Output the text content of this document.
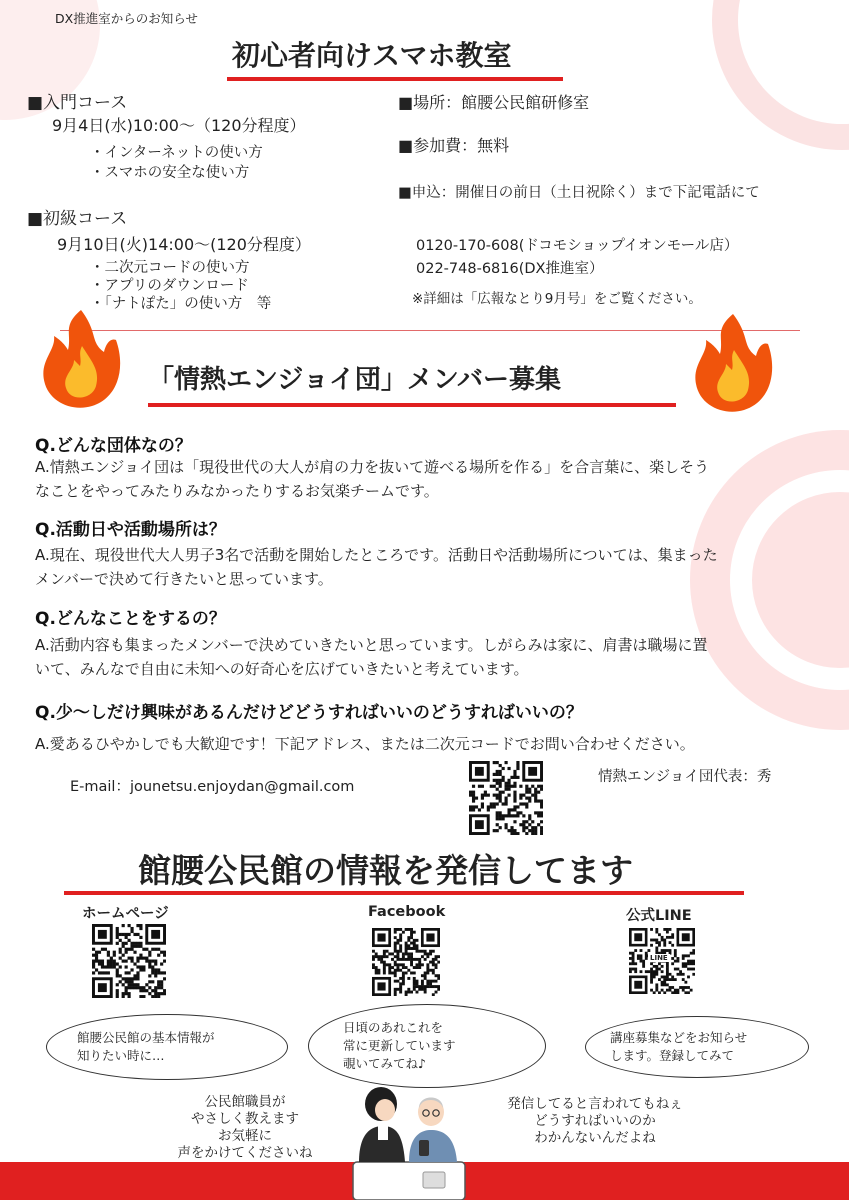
DX推進室からのお知らせ
初心者向けスマホ教室
■入門コース
9月4日(水)10:00～（120分程度）
・インターネットの使い方
・スマホの安全な使い方
■初級コース
9月10日(火)14:00～(120分程度）
・二次元コードの使い方
・アプリのダウンロード
・「ナトぽた」の使い方　等
■場所：館腰公民館研修室
■参加費：無料
■申込：開催日の前日（土日祝除く）まで下記電話にて
0120-170-608(ドコモショップイオンモール店）
022-748-6816(DX推進室）
※詳細は「広報なとり9月号」をご覧ください。
「情熱エンジョイ団」メンバー募集
Q.どんな団体なの？
A.情熱エンジョイ団は「現役世代の大人が肩の力を抜いて遊べる場所を作る」を合言葉に、楽しそう
なことをやってみたりみなかったりするお気楽チームです。
Q.活動日や活動場所は？
A.現在、現役世代大人男子3名で活動を開始したところです。活動日や活動場所については、集まった
メンバーで決めて行きたいと思っています。
Q.どんなことをするの？
A.活動内容も集まったメンバーで決めていきたいと思っています。しがらみは家に、肩書は職場に置
いて、みんなで自由に未知への好奇心を広げていきたいと考えています。
Q.少～しだけ興味があるんだけどどうすればいいのどうすればいいの？
A.愛あるひやかしでも大歓迎です！下記アドレス、または二次元コードでお問い合わせください。
E-mail：jounetsu.enjoydan@gmail.com
情熱エンジョイ団代表：秀
館腰公民館の情報を発信してます
ホームページ	Facebook	公式LINE
LINE
館腰公民館の基本情報が
知りたい時に…
日頃のあれこれを
常に更新しています
覗いてみてね♪
講座募集などをお知らせ
します。登録してみて
公民館職員が
やさしく教えます
お気軽に
声をかけてくださいね
発信してると言われてもねぇ
どうすればいいのか
わかんないんだよね
